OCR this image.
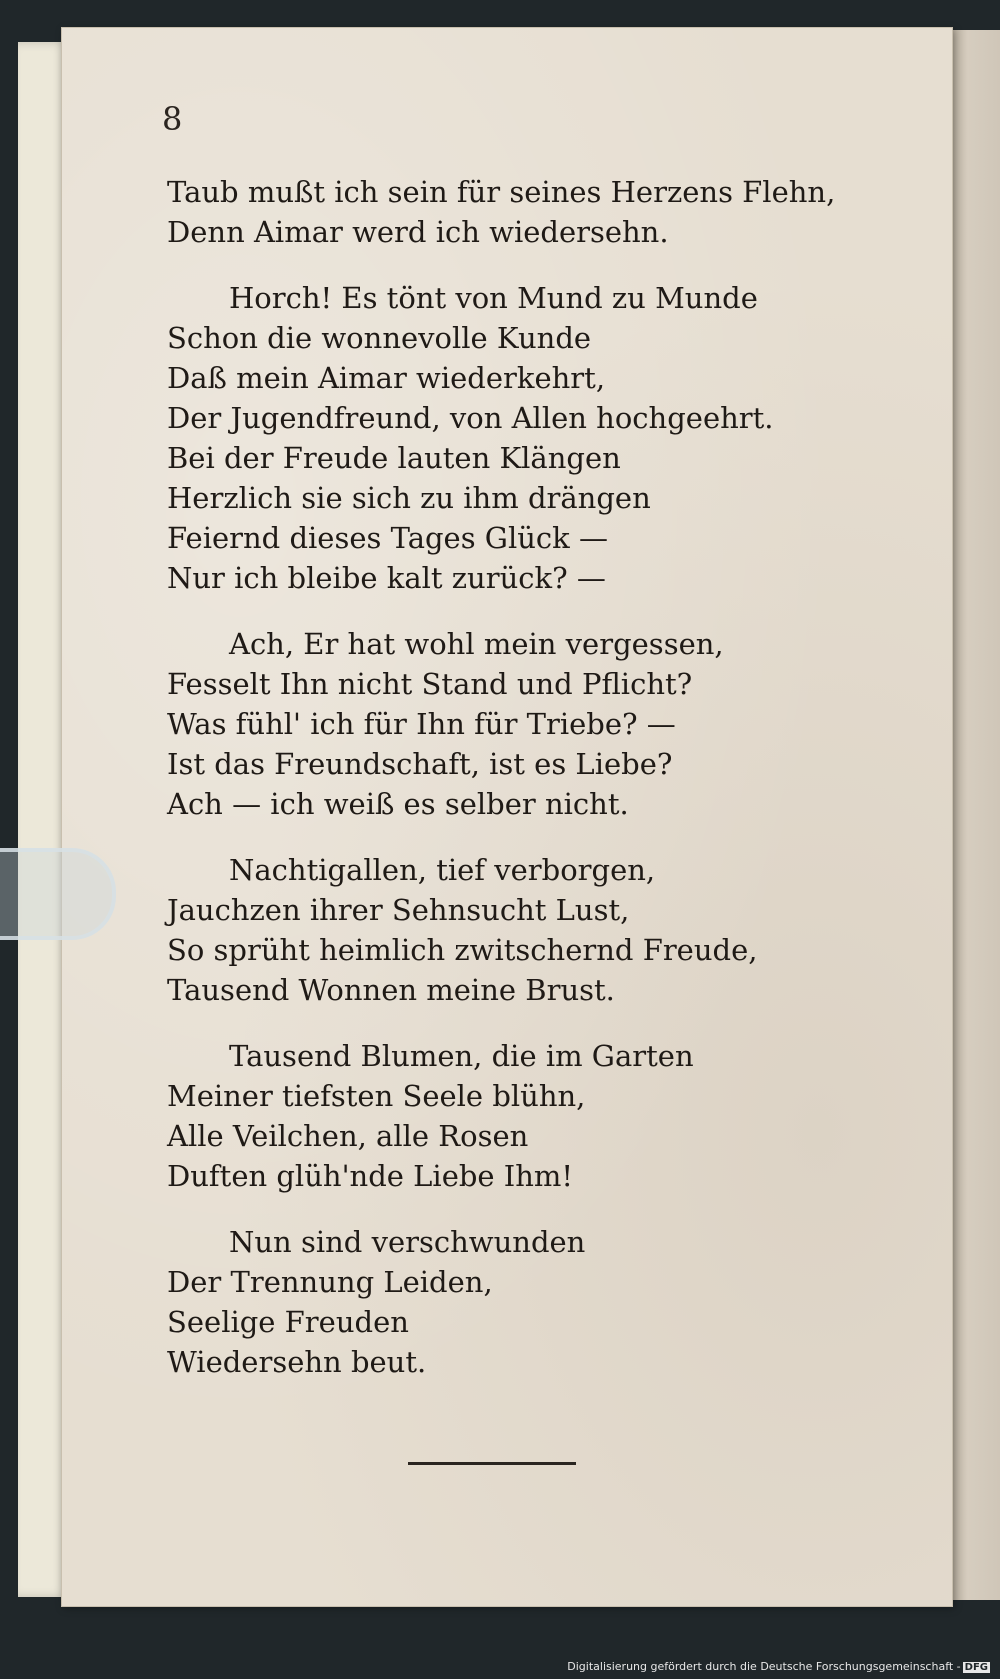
8
Taub mußt ich sein für seines Herzens Flehn,
Denn Aimar werd ich wiedersehn.
Horch! Es tönt von Mund zu Munde
Schon die wonnevolle Kunde
Daß mein Aimar wiederkehrt,
Der Jugendfreund, von Allen hochgeehrt.
Bei der Freude lauten Klängen
Herzlich sie sich zu ihm drängen
Feiernd dieses Tages Glück —
Nur ich bleibe kalt zurück? —
Ach, Er hat wohl mein vergessen,
Fesselt Ihn nicht Stand und Pflicht?
Was fühl' ich für Ihn für Triebe? —
Ist das Freundschaft, ist es Liebe?
Ach — ich weiß es selber nicht.
Nachtigallen, tief verborgen,
Jauchzen ihrer Sehnsucht Lust,
So sprüht heimlich zwitschernd Freude,
Tausend Wonnen meine Brust.
Tausend Blumen, die im Garten
Meiner tiefsten Seele blühn,
Alle Veilchen, alle Rosen
Duften glüh'nde Liebe Ihm!
Nun sind verschwunden
Der Trennung Leiden,
Seelige Freuden
Wiedersehn beut.
Digitalisierung gefördert durch die Deutsche Forschungsgemeinschaft - DFG
